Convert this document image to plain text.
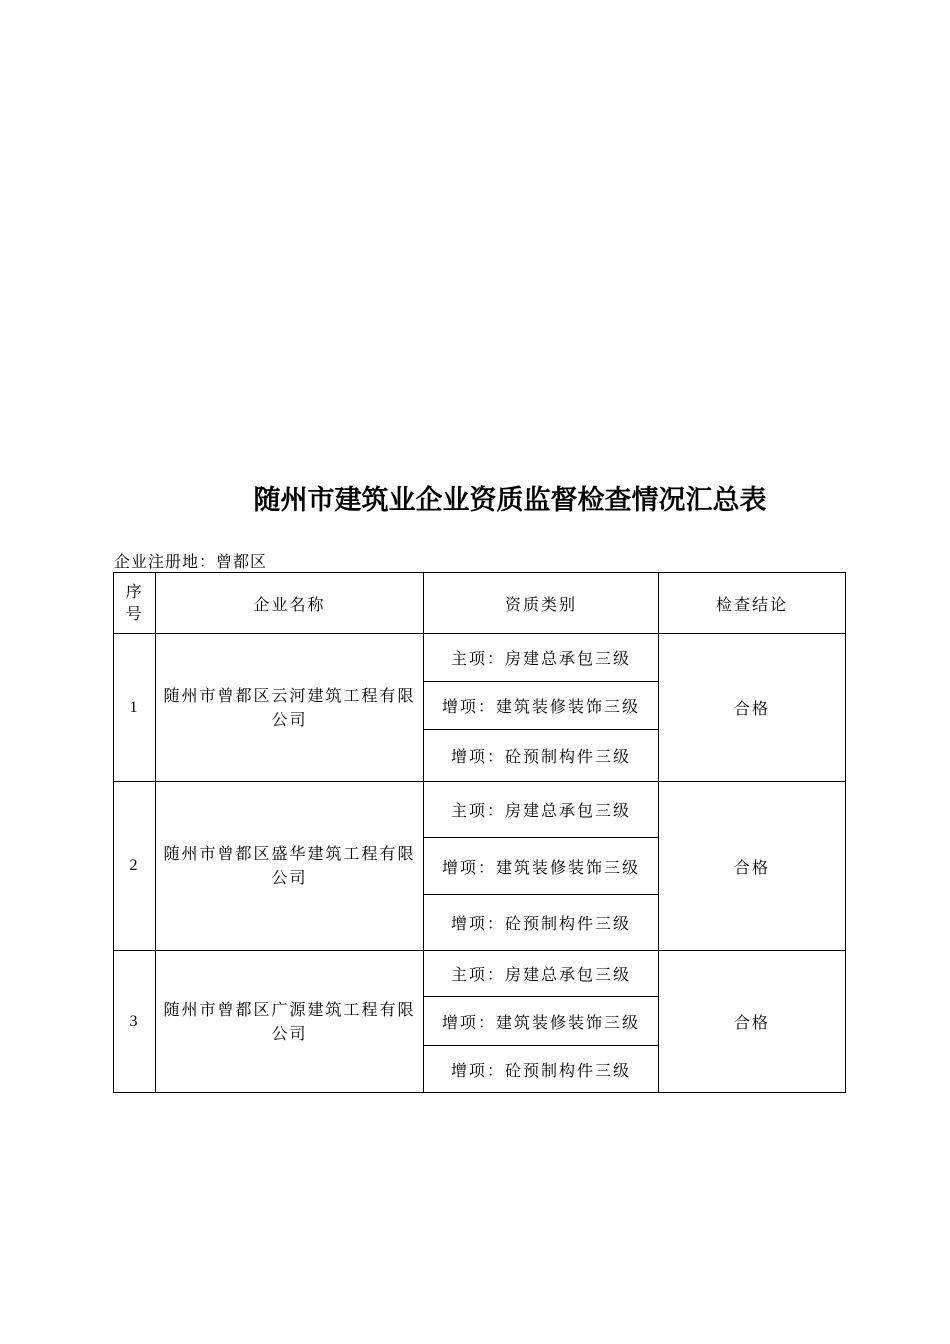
随州市建筑业企业资质监督检查情况汇总表
企业注册地：曾都区
序号	企业名称	资质类别	检查结论
1	随州市曾都区云河建筑工程有限公司	主项：房建总承包三级	合格
		增项：建筑装修装饰三级	
		增项：砼预制构件三级	
2	随州市曾都区盛华建筑工程有限公司	主项：房建总承包三级	合格
		增项：建筑装修装饰三级	
		增项：砼预制构件三级	
3	随州市曾都区广源建筑工程有限公司	主项：房建总承包三级	合格
		增项：建筑装修装饰三级	
		增项：砼预制构件三级	
